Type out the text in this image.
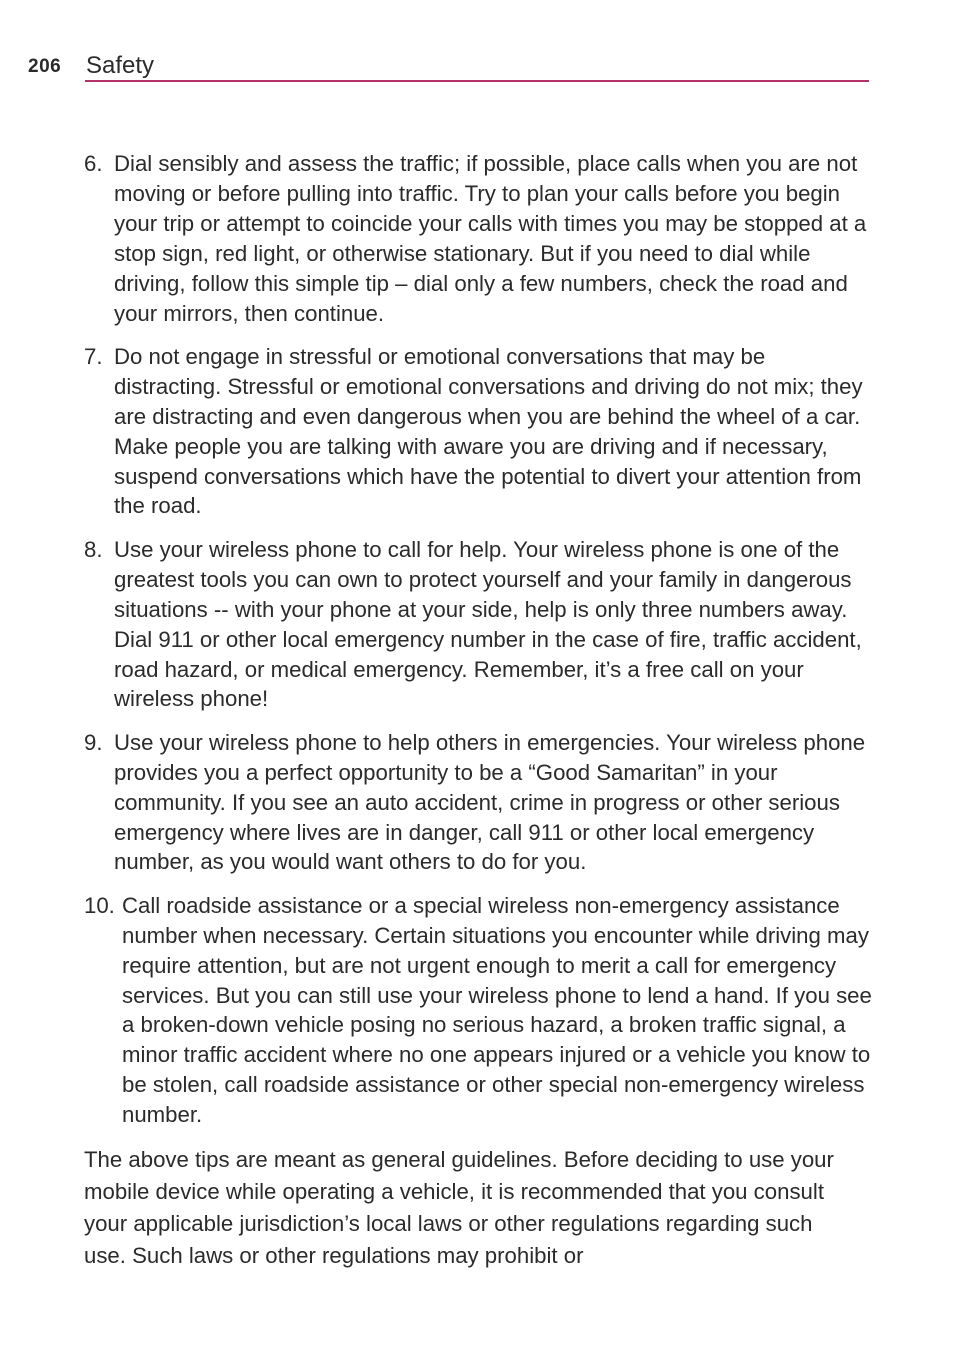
206 Safety
6. Dial sensibly and assess the traffic; if possible, place calls when you are not moving or before pulling into traffic. Try to plan your calls before you begin your trip or attempt to coincide your calls with times you may be stopped at a stop sign, red light, or otherwise stationary. But if you need to dial while driving, follow this simple tip – dial only a few numbers, check the road and your mirrors, then continue.
7. Do not engage in stressful or emotional conversations that may be distracting. Stressful or emotional conversations and driving do not mix; they are distracting and even dangerous when you are behind the wheel of a car. Make people you are talking with aware you are driving and if necessary, suspend conversations which have the potential to divert your attention from the road.
8. Use your wireless phone to call for help. Your wireless phone is one of the greatest tools you can own to protect yourself and your family in dangerous situations -- with your phone at your side, help is only three numbers away. Dial 911 or other local emergency number in the case of fire, traffic accident, road hazard, or medical emergency. Remember, it’s a free call on your wireless phone!
9. Use your wireless phone to help others in emergencies. Your wireless phone provides you a perfect opportunity to be a “Good Samaritan” in your community. If you see an auto accident, crime in progress or other serious emergency where lives are in danger, call 911 or other local emergency number, as you would want others to do for you.
10. Call roadside assistance or a special wireless non-emergency assistance number when necessary. Certain situations you encounter while driving may require attention, but are not urgent enough to merit a call for emergency services. But you can still use your wireless phone to lend a hand. If you see a broken-down vehicle posing no serious hazard, a broken traffic signal, a minor traffic accident where no one appears injured or a vehicle you know to be stolen, call roadside assistance or other special non-emergency wireless number.

The above tips are meant as general guidelines. Before deciding to use your mobile device while operating a vehicle, it is recommended that you consult your applicable jurisdiction’s local laws or other regulations regarding such use. Such laws or other regulations may prohibit or
